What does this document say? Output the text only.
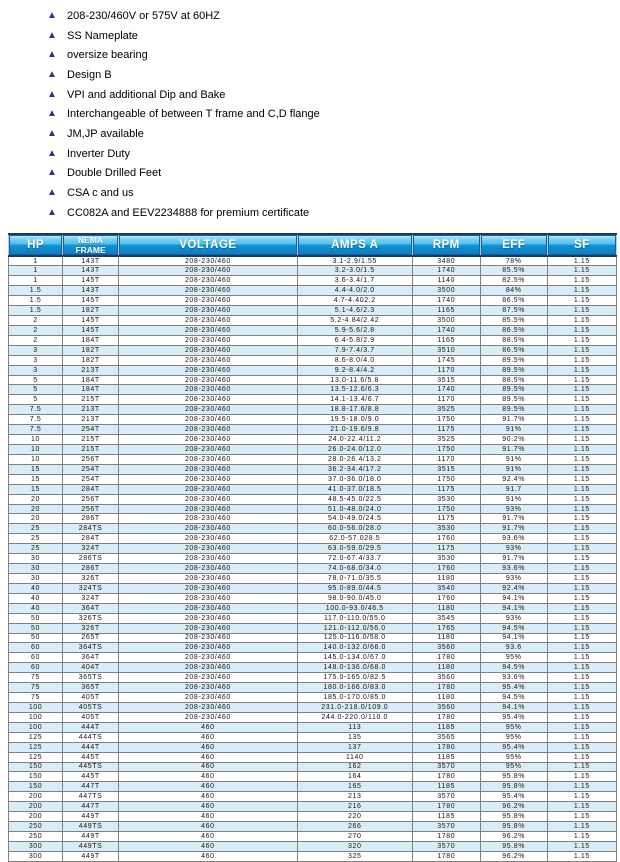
▲ 208-230/460V or 575V at 60HZ
▲ SS Nameplate
▲ oversize bearing
▲ Design B
▲ VPI and additional Dip and Bake
▲ Interchangeable of between T frame and C,D flange
▲ JM,JP available
▲ Inverter Duty
▲ Double Drilled Feet
▲ CSA c and us
▲ CC082A and EEV2234888 for premium certificate
HP	NEMA FRAME	VOLTAGE	AMPS A	RPM	EFF	SF
1	143T	208-230/460	3.1-2.9/1.55	3480	78%	1.15
1	143T	208-230/460	3.2-3.0/1.5	1740	85.5%	1.15
1	145T	208-230/460	3.6-3.4/1.7	1140	82.5%	1.15
1.5	143T	208-230/460	4.4-4.0/2.0	3500	84%	1.15
1.5	145T	208-230/460	4.7-4.402.2	1740	86.5%	1.15
1.5	182T	208-230/460	5.1-4.6/2.3	1165	87.5%	1.15
2	145T	208-230/460	5.2-4.84/2.42	3500	85.5%	1.15
2	145T	208-230/460	5.9-5.6/2.8	1740	86.5%	1.15
2	184T	208-230/460	6.4-5.8/2.9	1165	88.5%	1.15
3	182T	208-230/460	7.9-7.4/3.7	3510	86.5%	1.15
3	182T	208-230/460	8.6-8.0/4.0	1745	89.5%	1.15
3	213T	208-230/460	9.2-8.4/4.2	1170	89.5%	1.15
5	184T	208-230/460	13.0-11.6/5.8	3515	88.5%	1.15
5	184T	208-230/460	13.5-12.6/6.3	1740	89.5%	1.15
5	215T	208-230/460	14.1-13.4/6.7	1170	89.5%	1.15
7.5	213T	208-230/460	18.8-17.6/8.8	3525	89.5%	1.15
7.5	213T	208-230/460	19.5-18.0/9.0	1750	91.7%	1.15
7.5	254T	208-230/460	21.0-19.6/9.8	1175	91%	1.15
10	215T	208-230/460	24.0-22.4/11.2	3525	90.2%	1.15
10	215T	208-230/460	26.0-24.0/12.0	1750	91.7%	1.15
10	256T	208-230/460	28.0-26.4/13.2	1170	91%	1.15
15	254T	208-230/460	36.2-34.4/17.2	3515	91%	1.15
15	254T	208-230/460	37.0-36.0/18.0	1750	92.4%	1.15
15	284T	208-230/460	41.0-37.0/18.5	1175	91.7	1.15
20	256T	208-230/460	48.5-45.0/22.5	3530	91%	1.15
20	256T	208-230/460	51.0-48.0/24.0	1750	93%	1.15
20	286T	208-230/460	54.0-49.0/24.5	1175	91.7%	1.15
25	284TS	208-230/460	60.0-56.0/28.0	3530	91.7%	1.15
25	284T	208-230/460	62.0-57.028.5	1760	93.6%	1.15
25	324T	208-230/460	63.0-59.0/29.5	1175	93%	1.15
30	286TS	208-230/460	72.0-67.4/33.7	3530	91.7%	1.15
30	286T	208-230/460	74.0-68.0/34.0	1760	93.6%	1.15
30	326T	208-230/460	78.0-71.0/35.5	1180	93%	1.15
40	324TS	208-230/460	95.0-89.0/44.5	3540	92.4%	1.15
40	324T	208-230/460	98.0-90.0/45.0	1760	94.1%	1.15
40	364T	208-230/460	100.0-93.0/46.5	1180	94.1%	1.15
50	326TS	208-230/460	117.0-110.0/55.0	3545	93%	1.15
50	326T	208-230/460	121.0-112.0/56.0	1765	94.5%	1.15
50	265T	208-230/460	125.0-116.0/58.0	1180	94.1%	1.15
60	364TS	208-230/460	140.0-132.0/66.0	3560	93.6	1.15
60	364T	208-230/460	145.0-134.0/67.0	1780	95%	1.15
60	404T	208-230/460	148.0-136.0/68.0	1180	94.5%	1.15
75	365TS	208-230/460	175.0-165.0/82.5	3560	93.6%	1.15
75	365T	208-230/460	180.0-166.0/83.0	1780	95.4%	1.15
75	405T	208-230/460	185.0-170.0/85.0	1180	94.5%	1.15
100	405TS	208-230/460	231.0-218.0/109.0	3560	94.1%	1.15
100	405T	208-230/460	244.0-220.0/110.0	1780	95.4%	1.15
100	444T	460	113	1185	95%	1.15
125	444TS	460	135	3565	95%	1.15
125	444T	460	137	1780	95.4%	1.15
125	445T	460	1140	1185	95%	1.15
150	445TS	460	162	3570	95%	1.15
150	445T	460	164	1780	95.8%	1.15
150	447T	460	165	1185	95.8%	1.15
200	447TS	460	213	3570	95.4%	1.15
200	447T	460	216	1780	96.2%	1.15
200	449T	460	220	1185	95.8%	1.15
250	449TS	460	266	3570	95.8%	1.15
250	449T	460	270	1780	96.2%	1.15
300	449TS	460	320	3570	95.8%	1.15
300	449T	460	325	1780	96.2%	1.15
